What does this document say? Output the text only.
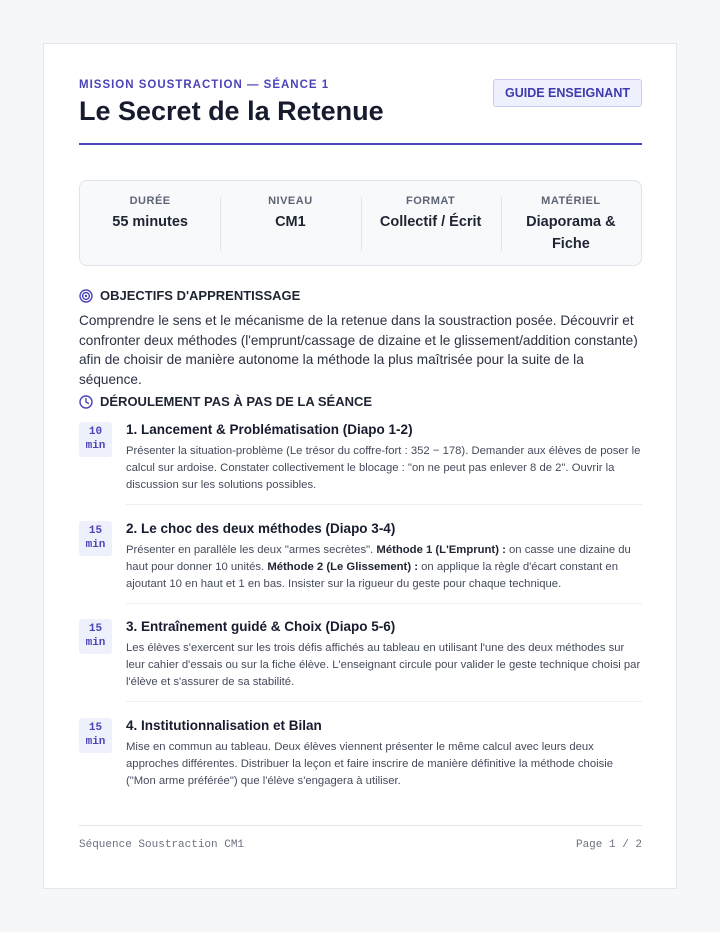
MISSION SOUSTRACTION — SÉANCE 1
Le Secret de la Retenue
GUIDE ENSEIGNANT
DURÉE
55 minutes
NIVEAU
CM1
FORMAT
Collectif / Écrit
MATÉRIEL
Diaporama & Fiche
OBJECTIFS D'APPRENTISSAGE
Comprendre le sens et le mécanisme de la retenue dans la soustraction posée. Découvrir et confronter deux méthodes (l'emprunt/cassage de dizaine et le glissement/addition constante) afin de choisir de manière autonome la méthode la plus maîtrisée pour la suite de la séquence.
DÉROULEMENT PAS À PAS DE LA SÉANCE
10
min
1. Lancement & Problématisation (Diapo 1-2)
Présenter la situation-problème (Le trésor du coffre-fort : 352 − 178). Demander aux élèves de poser le calcul sur ardoise. Constater collectivement le blocage : "on ne peut pas enlever 8 de 2". Ouvrir la discussion sur les solutions possibles.
15
min
2. Le choc des deux méthodes (Diapo 3-4)
Présenter en parallèle les deux "armes secrètes". Méthode 1 (L'Emprunt) : on casse une dizaine du haut pour donner 10 unités. Méthode 2 (Le Glissement) : on applique la règle d'écart constant en ajoutant 10 en haut et 1 en bas. Insister sur la rigueur du geste pour chaque technique.
15
min
3. Entraînement guidé & Choix (Diapo 5-6)
Les élèves s'exercent sur les trois défis affichés au tableau en utilisant l'une des deux méthodes sur leur cahier d'essais ou sur la fiche élève. L'enseignant circule pour valider le geste technique choisi par l'élève et s'assurer de sa stabilité.
15
min
4. Institutionnalisation et Bilan
Mise en commun au tableau. Deux élèves viennent présenter le même calcul avec leurs deux approches différentes. Distribuer la leçon et faire inscrire de manière définitive la méthode choisie ("Mon arme préférée") que l'élève s'engagera à utiliser.
Séquence Soustraction CM1	Page 1 / 2
